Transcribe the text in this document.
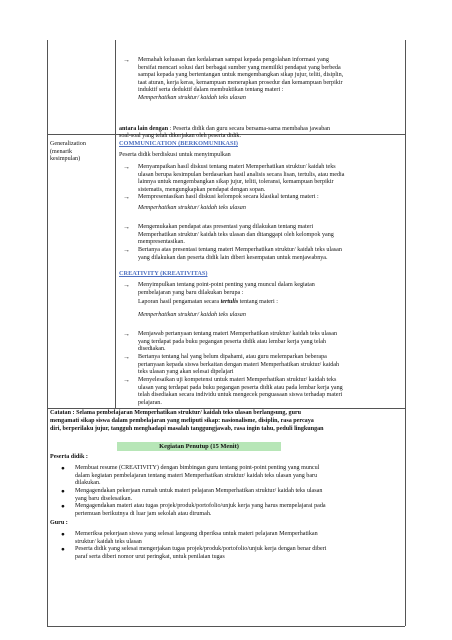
→ Memahah keluasan dan kedalaman sampai kepada pengolahan informasi yang
bersifat mencari solusi dari berbagai sumber yang memiliki pendapat yang berbeda
sampai kepada yang bertentangan untuk mengembangkan sikap jujur, teliti, disiplin,
taat aturan, kerja keras, kemampuan menerapkan prosedur dan kemampuan berpikir
induktif serta deduktif dalam membuktikan tentang materi :
Memperhatikan struktur/ kaidah teks ulasan
antara lain dengan : Peserta didik dan guru secara bersama-sama membahas jawaban
soal-soal yang telah dikerjakan oleh peserta didik.
Generalization
(menarik
kesimpulan)
COMMUNICATION (BERKOMUNIKASI)
Peserta didik berdiskusi untuk menyimpulkan
→ Menyampaikan hasil diskusi tentang materi Memperhatikan struktur/ kaidah teks
ulasan berupa kesimpulan berdasarkan hasil analisis secara lisan, tertulis, atau media
lainnya untuk mengembangkan sikap jujur, teliti, toleransi, kemampuan berpikir
sistematis, mengungkapkan pendapat dengan sopan.
→ Mempresentasikan hasil diskusi kelompok secara klasikal tentang materi :
Memperhatikan struktur/ kaidah teks ulasan
→ Mengemukakan pendapat atas presentasi yang dilakukan tentang materi
Memperhatikan struktur/ kaidah teks ulasan dan ditanggapi oleh kelompok yang
mempresentasikan.
→ Bertanya atas presentasi tentang materi Memperhatikan struktur/ kaidah teks ulasan
yang dilakukan dan peserta didik lain diberi kesempatan untuk menjawabnya.
CREATIVITY (KREATIVITAS)
→ Menyimpulkan tentang point-point penting yang muncul dalam kegiatan
pembelajaran yang baru dilakukan berupa :
Laporan hasil pengamatan secara tertulis tentang materi :
Memperhatikan struktur/ kaidah teks ulasan
→ Menjawab pertanyaan tentang materi Memperhatikan struktur/ kaidah teks ulasan
yang terdapat pada buku pegangan peserta didik atau lembar kerja yang telah
disediakan.
→ Bertanya tentang hal yang belum dipahami, atau guru melemparkan beberapa
pertanyaan kepada siswa berkaitan dengan materi Memperhatikan struktur/ kaidah
teks ulasan yang akan selesai dipelajari
→ Menyelesaikan uji kompetensi untuk materi Memperhatikan struktur/ kaidah teks
ulasan yang terdapat pada buku pegangan peserta didik atau pada lembar kerja yang
telah disediakan secara individu untuk mengecek penguasaan siswa terhadap materi
pelajaran.
Catatan : Selama pembelajaran Memperhatikan struktur/ kaidah teks ulasan berlangsung, guru
mengamati sikap siswa dalam pembelajaran yang meliputi sikap: nasionalisme, disiplin, rasa percaya
diri, berperilaku jujur, tangguh menghadapi masalah tanggungjawab, rasa ingin tahu, peduli lingkungan
Kegiatan Penutup (15 Menit)
Peserta didik :
● Membuat resume (CREATIVITY) dengan bimbingan guru tentang point-point penting yang muncul
dalam kegiatan pembelajaran tentang materi Memperhatikan struktur/ kaidah teks ulasan yang baru
dilakukan.
● Mengagendakan pekerjaan rumah untuk materi pelajaran Memperhatikan struktur/ kaidah teks ulasan
yang baru diselesaikan.
● Mengagendakan materi atau tugas projek/produk/portofolio/unjuk kerja yang harus mempelajarai pada
pertemuan berikutnya di luar jam sekolah atau dirumah.
Guru :
● Memeriksa pekerjaan siswa yang selesai langsung diperiksa untuk materi pelajaran Memperhatikan
struktur/ kaidah teks ulasan
● Peserta didik yang selesai mengerjakan tugas projek/produk/portofolio/unjuk kerja dengan benar diberi
paraf serta diberi nomor urut peringkat, untuk penilaian tugas
